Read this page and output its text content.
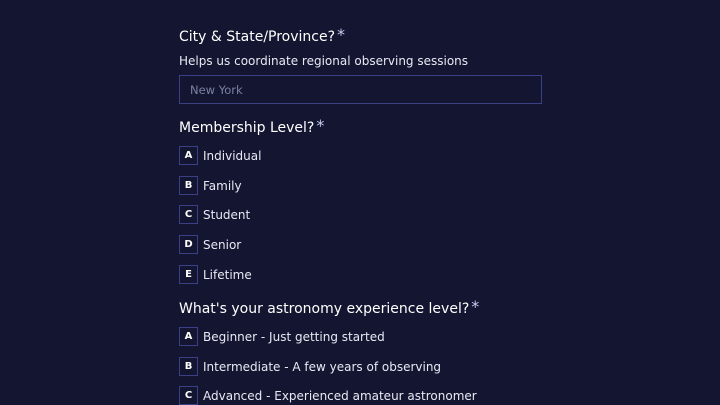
City & State/Province? *
Helps us coordinate regional observing sessions
New York
Membership Level? *
A Individual
B Family
C Student
D Senior
E Lifetime
What's your astronomy experience level? *
A Beginner - Just getting started
B Intermediate - A few years of observing
C Advanced - Experienced amateur astronomer
